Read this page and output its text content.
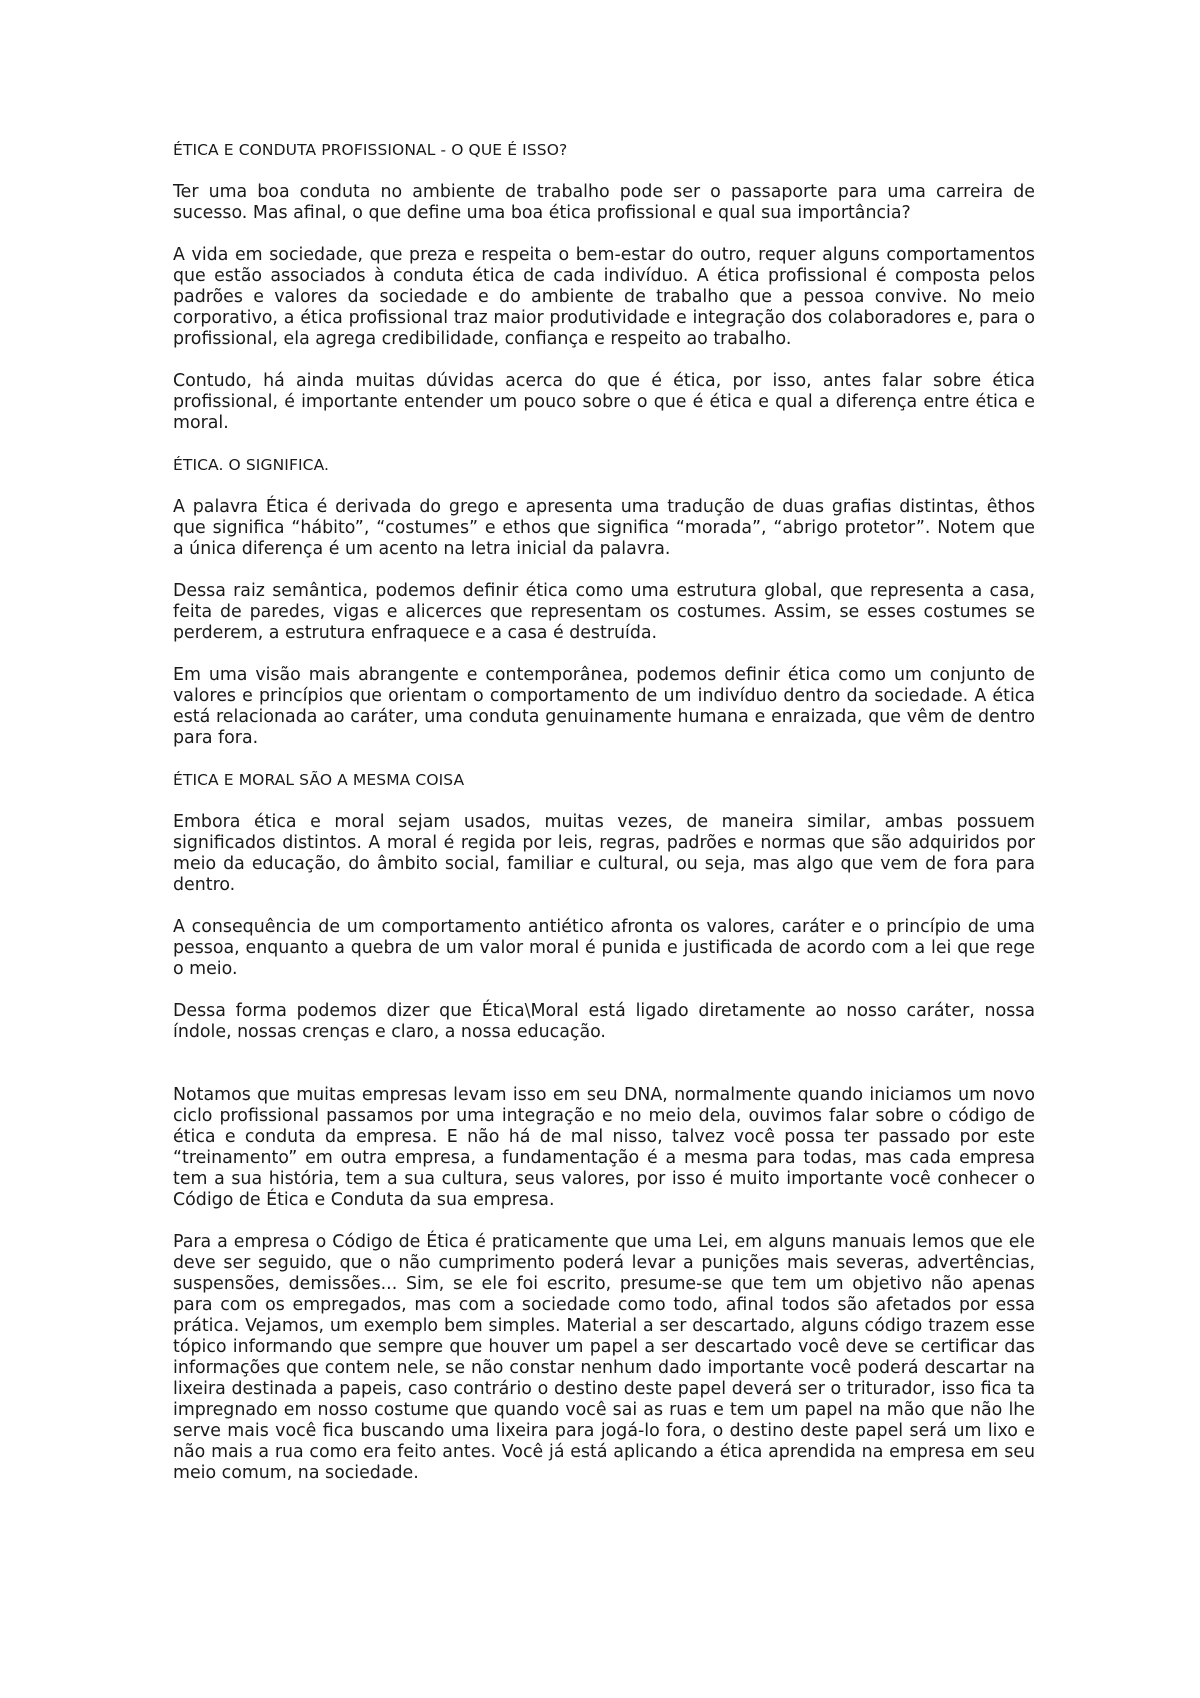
ÉTICA E CONDUTA PROFISSIONAL - O QUE É ISSO?

Ter uma boa conduta no ambiente de trabalho pode ser o passaporte para uma carreira de sucesso. Mas afinal, o que define uma boa ética profissional e qual sua importância?

A vida em sociedade, que preza e respeita o bem-estar do outro, requer alguns comportamentos que estão associados à conduta ética de cada indivíduo. A ética profissional é composta pelos padrões e valores da sociedade e do ambiente de trabalho que a pessoa convive. No meio corporativo, a ética profissional traz maior produtividade e integração dos colaboradores e, para o profissional, ela agrega credibilidade, confiança e respeito ao trabalho.

Contudo, há ainda muitas dúvidas acerca do que é ética, por isso, antes falar sobre ética profissional, é importante entender um pouco sobre o que é ética e qual a diferença entre ética e moral.

ÉTICA. O SIGNIFICA.

A palavra Ética é derivada do grego e apresenta uma tradução de duas grafias distintas, êthos que significa “hábito”, “costumes” e ethos que significa “morada”, “abrigo protetor”. Notem que a única diferença é um acento na letra inicial da palavra.

Dessa raiz semântica, podemos definir ética como uma estrutura global, que representa a casa, feita de paredes, vigas e alicerces que representam os costumes. Assim, se esses costumes se perderem, a estrutura enfraquece e a casa é destruída.

Em uma visão mais abrangente e contemporânea, podemos definir ética como um conjunto de valores e princípios que orientam o comportamento de um indivíduo dentro da sociedade. A ética está relacionada ao caráter, uma conduta genuinamente humana e enraizada, que vêm de dentro para fora.

ÉTICA E MORAL SÃO A MESMA COISA

Embora ética e moral sejam usados, muitas vezes, de maneira similar, ambas possuem significados distintos. A moral é regida por leis, regras, padrões e normas que são adquiridos por meio da educação, do âmbito social, familiar e cultural, ou seja, mas algo que vem de fora para dentro.

A consequência de um comportamento antiético afronta os valores, caráter e o princípio de uma pessoa, enquanto a quebra de um valor moral é punida e justificada de acordo com a lei que rege o meio.

Dessa forma podemos dizer que Ética\Moral está ligado diretamente ao nosso caráter, nossa índole, nossas crenças e claro, a nossa educação.

Notamos que muitas empresas levam isso em seu DNA, normalmente quando iniciamos um novo ciclo profissional passamos por uma integração e no meio dela, ouvimos falar sobre o código de ética e conduta da empresa. E não há de mal nisso, talvez você possa ter passado por este “treinamento” em outra empresa, a fundamentação é a mesma para todas, mas cada empresa tem a sua história, tem a sua cultura, seus valores, por isso é muito importante você conhecer o Código de Ética e Conduta da sua empresa.

Para a empresa o Código de Ética é praticamente que uma Lei, em alguns manuais lemos que ele deve ser seguido, que o não cumprimento poderá levar a punições mais severas, advertências, suspensões, demissões... Sim, se ele foi escrito, presume-se que tem um objetivo não apenas para com os empregados, mas com a sociedade como todo, afinal todos são afetados por essa prática. Vejamos, um exemplo bem simples. Material a ser descartado, alguns código trazem esse tópico informando que sempre que houver um papel a ser descartado você deve se certificar das informações que contem nele, se não constar nenhum dado importante você poderá descartar na lixeira destinada a papeis, caso contrário o destino deste papel deverá ser o triturador, isso fica ta impregnado em nosso costume que quando você sai as ruas e tem um papel na mão que não lhe serve mais você fica buscando uma lixeira para jogá-lo fora, o destino deste papel será um lixo e não mais a rua como era feito antes. Você já está aplicando a ética aprendida na empresa em seu meio comum, na sociedade.
